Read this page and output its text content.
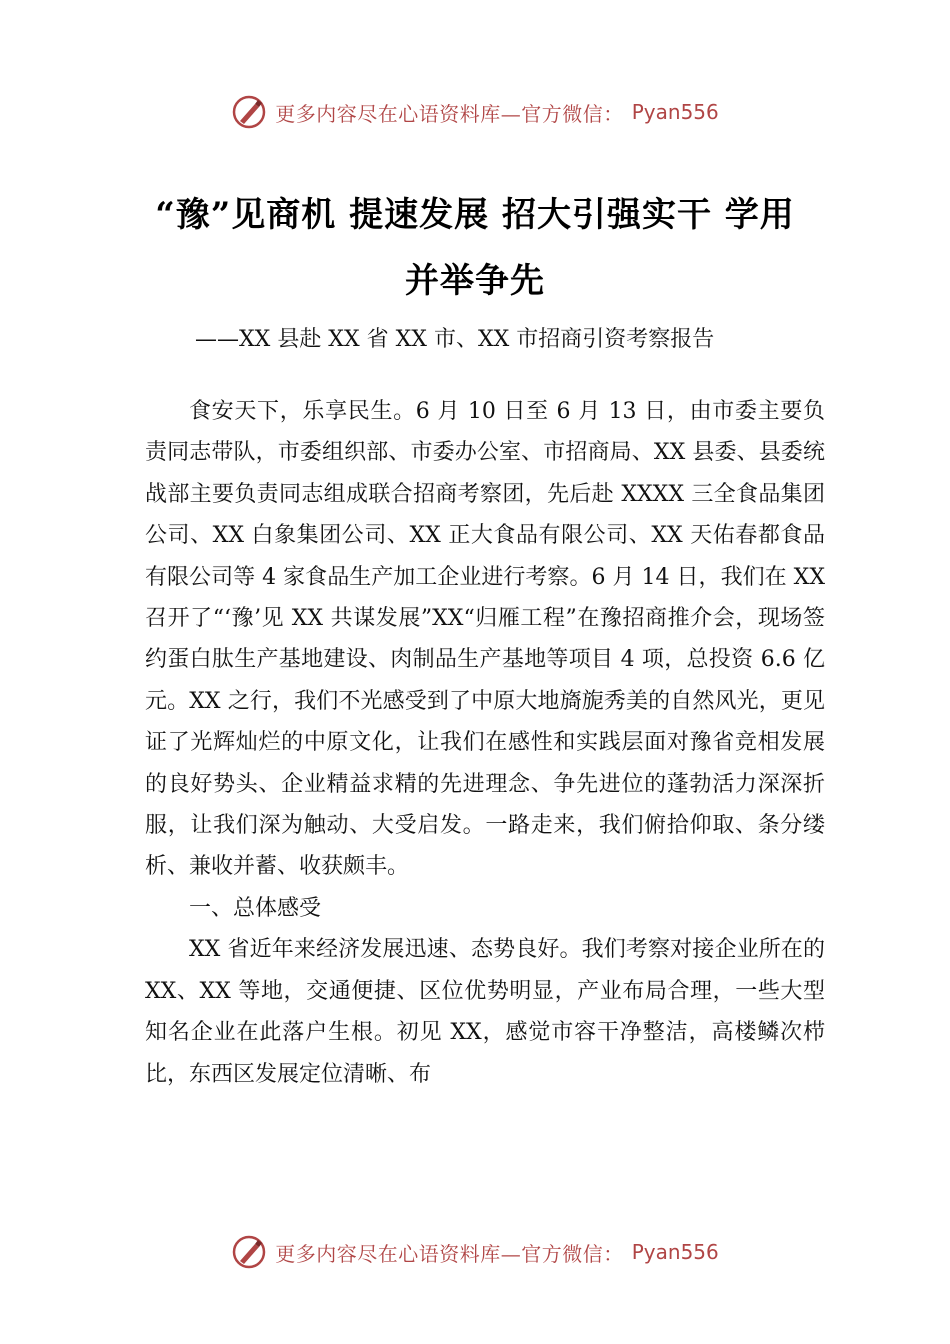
更多内容尽在心语资料库—官方微信： Pyan556
“豫”见商机 提速发展 招大引强实干 学用
并举争先
——XX 县赴 XX 省 XX 市、XX 市招商引资考察报告

食安天下，乐享民生。6 月 10 日至 6 月 13 日，由市委主要负责同志带队，市委组织部、市委办公室、市招商局、XX 县委、县委统战部主要负责同志组成联合招商考察团，先后赴 XXXX 三全食品集团公司、XX 白象集团公司、XX 正大食品有限公司、XX 天佑春都食品有限公司等 4 家食品生产加工企业进行考察。6 月 14 日，我们在 XX 召开了“‘豫’见 XX 共谋发展”XX“归雁工程”在豫招商推介会，现场签约蛋白肽生产基地建设、肉制品生产基地等项目 4 项，总投资 6.6 亿元。XX 之行，我们不光感受到了中原大地旖旎秀美的自然风光，更见证了光辉灿烂的中原文化，让我们在感性和实践层面对豫省竞相发展的良好势头、企业精益求精的先进理念、争先进位的蓬勃活力深深折服，让我们深为触动、大受启发。一路走来，我们俯拾仰取、条分缕析、兼收并蓄、收获颇丰。

一、总体感受

XX 省近年来经济发展迅速、态势良好。我们考察对接企业所在的 XX、XX 等地，交通便捷、区位优势明显，产业布局合理，一些大型知名企业在此落户生根。初见 XX，感觉市容干净整洁，高楼鳞次栉比，东西区发展定位清晰、布

更多内容尽在心语资料库—官方微信： Pyan556
